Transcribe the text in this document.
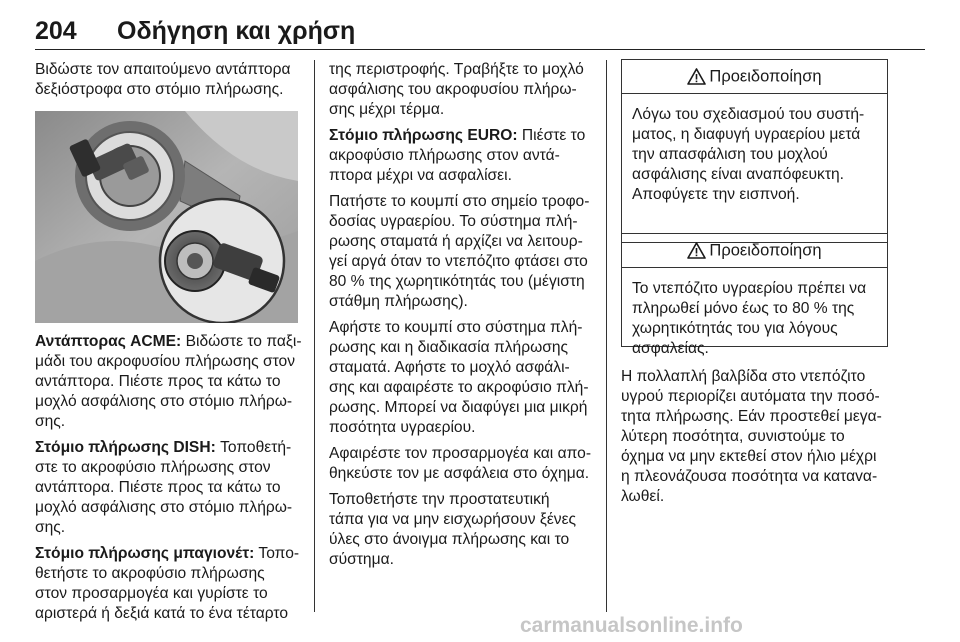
204 Οδήγηση και χρήση

Βιδώστε τον απαιτούμενο αντάπτορα
δεξιόστροφα στο στόμιο πλήρωσης.

Αντάπτορας ACME: Βιδώστε το παξι-
μάδι του ακροφυσίου πλήρωσης στον
αντάπτορα. Πιέστε προς τα κάτω το
μοχλό ασφάλισης στο στόμιο πλήρω-
σης.

Στόμιο πλήρωσης DISH: Τοποθετή-
στε το ακροφύσιο πλήρωσης στον
αντάπτορα. Πιέστε προς τα κάτω το
μοχλό ασφάλισης στο στόμιο πλήρω-
σης.

Στόμιο πλήρωσης μπαγιονέτ: Τοπο-
θετήστε το ακροφύσιο πλήρωσης
στον προσαρμογέα και γυρίστε το
αριστερά ή δεξιά κατά το ένα τέταρτο

της περιστροφής. Τραβήξτε το μοχλό
ασφάλισης του ακροφυσίου πλήρω-
σης μέχρι τέρμα.

Στόμιο πλήρωσης EURO: Πιέστε το
ακροφύσιο πλήρωσης στον αντά-
πτορα μέχρι να ασφαλίσει.

Πατήστε το κουμπί στο σημείο τροφο-
δοσίας υγραερίου. Το σύστημα πλή-
ρωσης σταματά ή αρχίζει να λειτουρ-
γεί αργά όταν το ντεπόζιτο φτάσει στο
80 % της χωρητικότητάς του (μέγιστη
στάθμη πλήρωσης).

Αφήστε το κουμπί στο σύστημα πλή-
ρωσης και η διαδικασία πλήρωσης
σταματά. Αφήστε το μοχλό ασφάλι-
σης και αφαιρέστε το ακροφύσιο πλή-
ρωσης. Μπορεί να διαφύγει μια μικρή
ποσότητα υγραερίου.

Αφαιρέστε τον προσαρμογέα και απο-
θηκεύστε τον με ασφάλεια στο όχημα.

Τοποθετήστε την προστατευτική
τάπα για να μην εισχωρήσουν ξένες
ύλες στο άνοιγμα πλήρωσης και το
σύστημα.

Προειδοποίηση
Λόγω του σχεδιασμού του συστή-
ματος, η διαφυγή υγραερίου μετά
την απασφάλιση του μοχλού
ασφάλισης είναι αναπόφευκτη.
Αποφύγετε την εισπνοή.
Προειδοποίηση
Το ντεπόζιτο υγραερίου πρέπει να
πληρωθεί μόνο έως το 80 % της
χωρητικότητάς του για λόγους
ασφαλείας.

Η πολλαπλή βαλβίδα στο ντεπόζιτο
υγρού περιορίζει αυτόματα την ποσό-
τητα πλήρωσης. Εάν προστεθεί μεγα-
λύτερη ποσότητα, συνιστούμε το
όχημα να μην εκτεθεί στον ήλιο μέχρι
η πλεονάζουσα ποσότητα να καταvα-
λωθεί.

carmanualsonline.info
